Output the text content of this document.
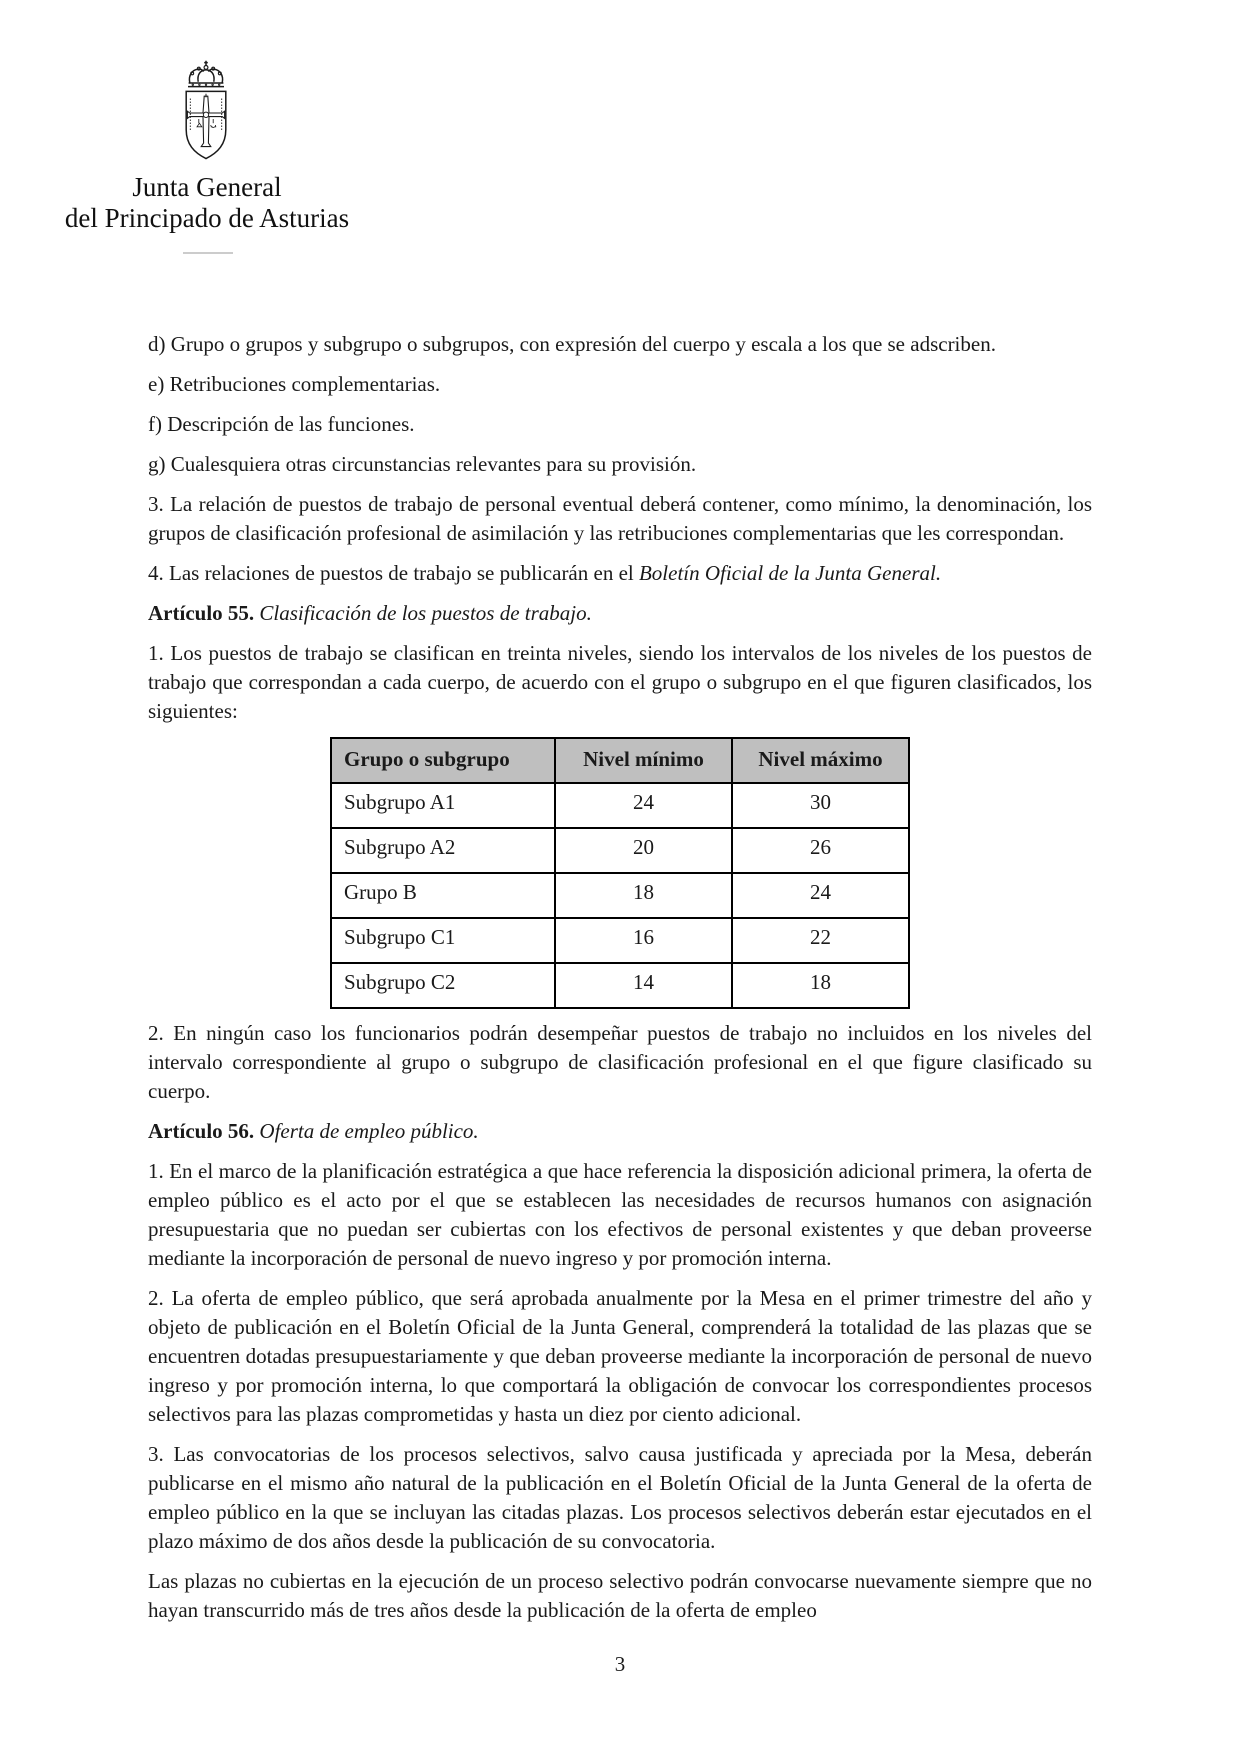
Junta General
del Principado de Asturias

d) Grupo o grupos y subgrupo o subgrupos, con expresión del cuerpo y escala a los que se adscriben.

e) Retribuciones complementarias.

f) Descripción de las funciones.

g) Cualesquiera otras circunstancias relevantes para su provisión.

3. La relación de puestos de trabajo de personal eventual deberá contener, como mínimo, la denominación, los grupos de clasificación profesional de asimilación y las retribuciones complementarias que les correspondan.

4. Las relaciones de puestos de trabajo se publicarán en el Boletín Oficial de la Junta General.

Artículo 55. Clasificación de los puestos de trabajo.

1. Los puestos de trabajo se clasifican en treinta niveles, siendo los intervalos de los niveles de los puestos de trabajo que correspondan a cada cuerpo, de acuerdo con el grupo o subgrupo en el que figuren clasificados, los siguientes:

Grupo o subgrupo	Nivel mínimo	Nivel máximo
Subgrupo A1	24	30
Subgrupo A2	20	26
Grupo B	18	24
Subgrupo C1	16	22
Subgrupo C2	14	18

2. En ningún caso los funcionarios podrán desempeñar puestos de trabajo no incluidos en los niveles del intervalo correspondiente al grupo o subgrupo de clasificación profesional en el que figure clasificado su cuerpo.

Artículo 56. Oferta de empleo público.

1. En el marco de la planificación estratégica a que hace referencia la disposición adicional primera, la oferta de empleo público es el acto por el que se establecen las necesidades de recursos humanos con asignación presupuestaria que no puedan ser cubiertas con los efectivos de personal existentes y que deban proveerse mediante la incorporación de personal de nuevo ingreso y por promoción interna.

2. La oferta de empleo público, que será aprobada anualmente por la Mesa en el primer trimestre del año y objeto de publicación en el Boletín Oficial de la Junta General, comprenderá la totalidad de las plazas que se encuentren dotadas presupuestariamente y que deban proveerse mediante la incorporación de personal de nuevo ingreso y por promoción interna, lo que comportará la obligación de convocar los correspondientes procesos selectivos para las plazas comprometidas y hasta un diez por ciento adicional.

3. Las convocatorias de los procesos selectivos, salvo causa justificada y apreciada por la Mesa, deberán publicarse en el mismo año natural de la publicación en el Boletín Oficial de la Junta General de la oferta de empleo público en la que se incluyan las citadas plazas. Los procesos selectivos deberán estar ejecutados en el plazo máximo de dos años desde la publicación de su convocatoria.

Las plazas no cubiertas en la ejecución de un proceso selectivo podrán convocarse nuevamente siempre que no hayan transcurrido más de tres años desde la publicación de la oferta de empleo

3
